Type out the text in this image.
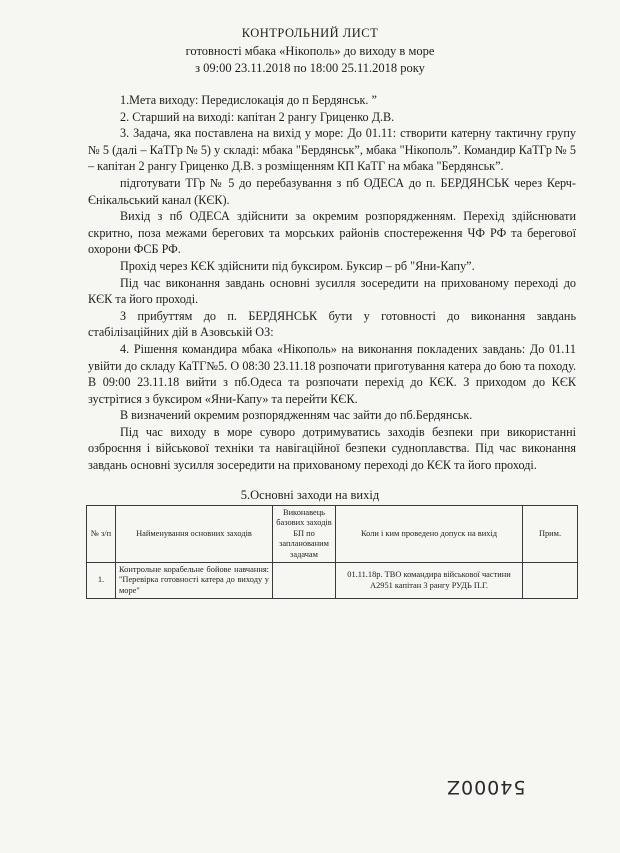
КОНТРОЛЬНИЙ ЛИСТ
готовності мбака «Нікополь» до виходу в море
з 09:00 23.11.2018 по 18:00 25.11.2018 року

1.Мета виходу: Передислокація до п Бердянськ. ˮ

2. Старший на виході: капітан 2 рангу Гриценко Д.В.

3. Задача, яка поставлена на вихід у море: До 01.11: створити катерну тактичну групу № 5 (далі – КаТГр № 5) у складі: мбака "Бердянськˮ, мбака "Нікопольˮ. Командир КаТГр № 5 – капітан 2 рангу Гриценко Д.В. з розміщенням КП КаТГ на мбака "Бердянськˮ.

підготувати ТГр № 5 до перебазування з пб ОДЕСА до п. БЕРДЯНСЬК через Керч-Єнікальський канал (КЄК).

Вихід з пб ОДЕСА здійснити за окремим розпорядженням. Перехід здійснювати скритно, поза межами берегових та морських районів спостереження ЧФ РФ та берегової охорони ФСБ РФ.

Прохід через КЄК здійснити під буксиром. Буксир – рб "Яни-Капуˮ.

Під час виконання завдань основні зусилля зосередити на прихованому переході до КЄК та його проході.

З прибуттям до п. БЕРДЯНСЬК бути у готовності до виконання завдань стабілізаційних дій в Азовській ОЗ:

4. Рішення командира мбака «Нікополь» на виконання покладених завдань: До 01.11 увійти до складу КаТГ№5. О 08:30 23.11.18 розпочати приготування катера до бою та походу. В 09:00 23.11.18 вийти з пб.Одеса та розпочати перехід до КЄК. З приходом до КЄК зустрітися з буксиром «Яни-Капу» та перейти КЄК.

В визначений окремим розпорядженням час зайти до пб.Бердянськ.

Під час виходу в море суворо дотримуватись заходів безпеки при використанні озброєння і військової техніки та навігаційної безпеки судноплавства. Під час виконання завдань основні зусилля зосередити на прихованому переході до КЄК та його проході.

5.Основні заходи на вихід
№ з/п	Найменування основних заходів	Виконавець базових заходів БП по запланованим задачам	Коли і ким проведено допуск на вихід	Прим.
1.	Контрольне корабельне бойове навчання: "Перевірка готовності катера до виходу у море"		01.11.18р. ТВО командира військової частини А2951 капітан 3 рангу РУДЬ П.Г.	
54000Z
